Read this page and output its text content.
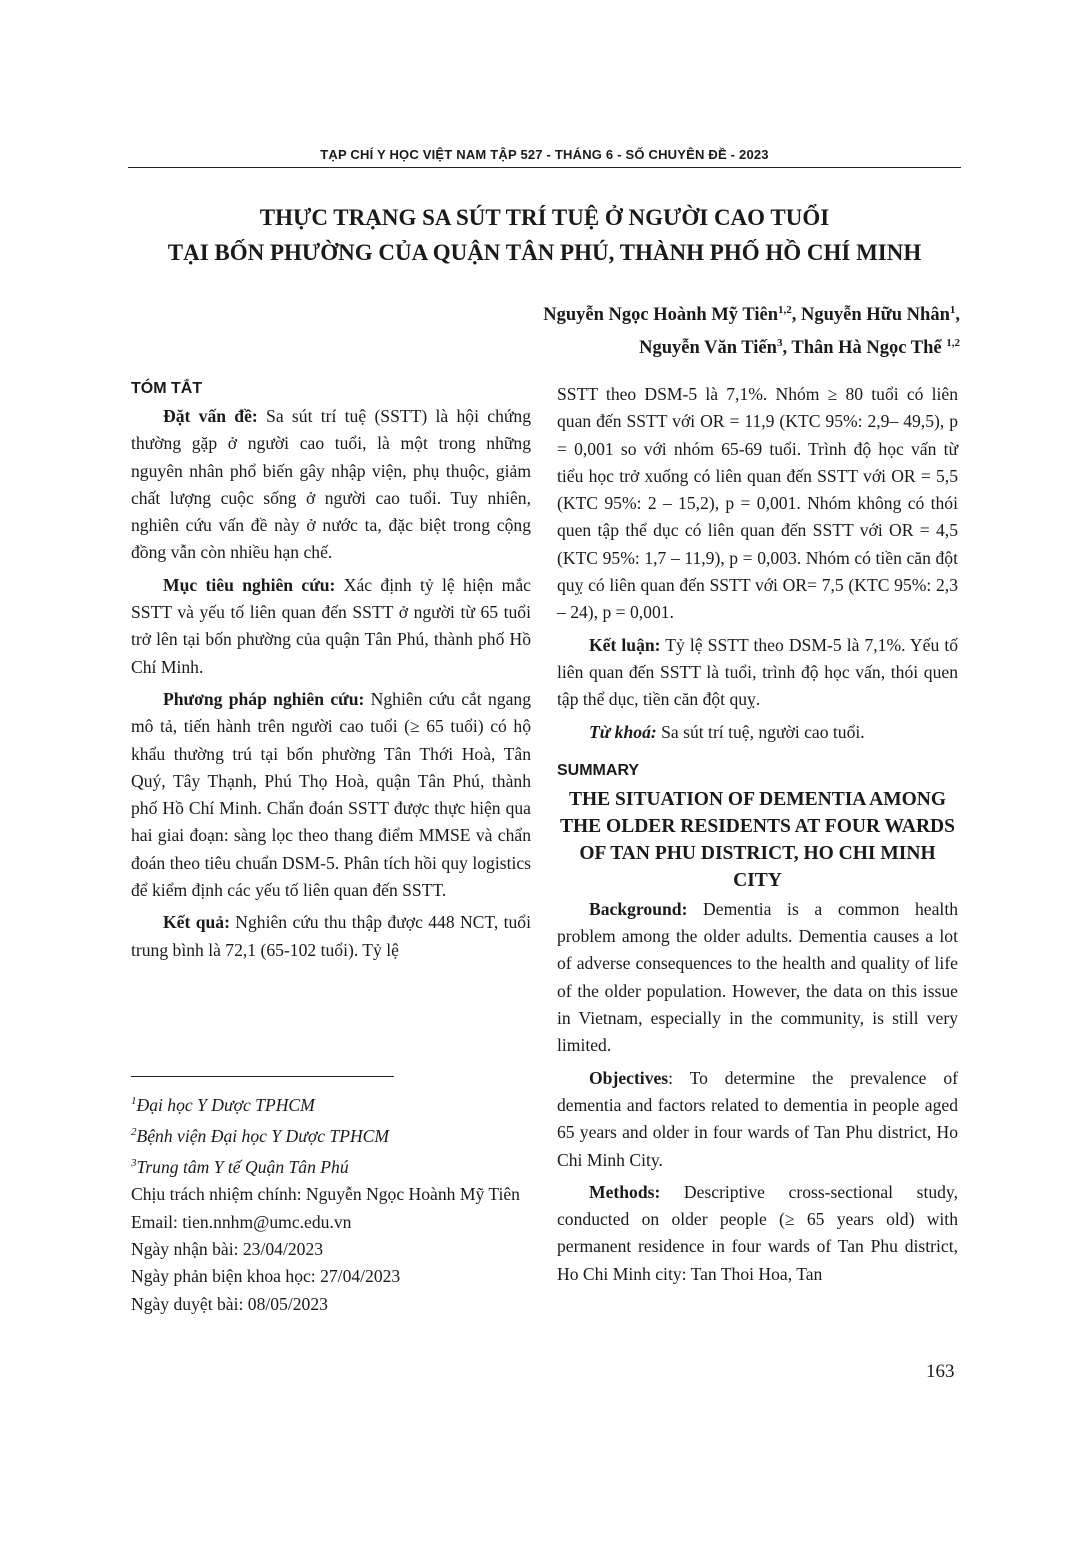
TẠP CHÍ Y HỌC VIỆT NAM TẬP 527 - THÁNG 6 - SỐ CHUYÊN ĐỀ - 2023
THỰC TRẠNG SA SÚT TRÍ TUỆ Ở NGƯỜI CAO TUỔI
TẠI BỐN PHƯỜNG CỦA QUẬN TÂN PHÚ, THÀNH PHỐ HỒ CHÍ MINH
Nguyễn Ngọc Hoành Mỹ Tiên$^{1,2}$, Nguyễn Hữu Nhân$^1$,
Nguyễn Văn Tiến$^3$, Thân Hà Ngọc Thể $^{1,2}$
TÓM TẮT

Đặt vấn đề: Sa sút trí tuệ (SSTT) là hội chứng thường gặp ở người cao tuổi, là một trong những nguyên nhân phổ biến gây nhập viện, phụ thuộc, giảm chất lượng cuộc sống ở người cao tuổi. Tuy nhiên, nghiên cứu vấn đề này ở nước ta, đặc biệt trong cộng đồng vẫn còn nhiều hạn chế.

Mục tiêu nghiên cứu: Xác định tỷ lệ hiện mắc SSTT và yếu tố liên quan đến SSTT ở người từ 65 tuổi trở lên tại bốn phường của quận Tân Phú, thành phố Hồ Chí Minh.

Phương pháp nghiên cứu: Nghiên cứu cắt ngang mô tả, tiến hành trên người cao tuổi (≥ 65 tuổi) có hộ khẩu thường trú tại bốn phường Tân Thới Hoà, Tân Quý, Tây Thạnh, Phú Thọ Hoà, quận Tân Phú, thành phố Hồ Chí Minh. Chẩn đoán SSTT được thực hiện qua hai giai đoạn: sàng lọc theo thang điểm MMSE và chẩn đoán theo tiêu chuẩn DSM-5. Phân tích hồi quy logistics để kiểm định các yếu tố liên quan đến SSTT.

Kết quả: Nghiên cứu thu thập được 448 NCT, tuổi trung bình là 72,1 (65-102 tuổi). Tỷ lệ

$^1$Đại học Y Dược TPHCM
$^2$Bệnh viện Đại học Y Dược TPHCM
$^3$Trung tâm Y tế Quận Tân Phú
Chịu trách nhiệm chính: Nguyễn Ngọc Hoành Mỹ Tiên
Email: tien.nnhm@umc.edu.vn
Ngày nhận bài: 23/04/2023
Ngày phản biện khoa học: 27/04/2023
Ngày duyệt bài: 08/05/2023

SSTT theo DSM-5 là 7,1%. Nhóm ≥ 80 tuổi có liên quan đến SSTT với OR = 11,9 (KTC 95%: 2,9– 49,5), p = 0,001 so với nhóm 65-69 tuổi. Trình độ học vấn từ tiểu học trở xuống có liên quan đến SSTT với OR = 5,5 (KTC 95%: 2 – 15,2), p = 0,001. Nhóm không có thói quen tập thể dục có liên quan đến SSTT với OR = 4,5 (KTC 95%: 1,7 – 11,9), p = 0,003. Nhóm có tiền căn đột quỵ có liên quan đến SSTT với OR= 7,5 (KTC 95%: 2,3 – 24), p = 0,001.

Kết luận: Tỷ lệ SSTT theo DSM-5 là 7,1%. Yếu tố liên quan đến SSTT là tuổi, trình độ học vấn, thói quen tập thể dục, tiền căn đột quỵ.

Từ khoá: Sa sút trí tuệ, người cao tuổi.

SUMMARY

THE SITUATION OF DEMENTIA AMONG THE OLDER RESIDENTS AT FOUR WARDS OF TAN PHU DISTRICT, HO CHI MINH CITY

Background: Dementia is a common health problem among the older adults. Dementia causes a lot of adverse consequences to the health and quality of life of the older population. However, the data on this issue in Vietnam, especially in the community, is still very limited.

Objectives: To determine the prevalence of dementia and factors related to dementia in people aged 65 years and older in four wards of Tan Phu district, Ho Chi Minh City.

Methods: Descriptive cross-sectional study, conducted on older people (≥ 65 years old) with permanent residence in four wards of Tan Phu district, Ho Chi Minh city: Tan Thoi Hoa, Tan

163
